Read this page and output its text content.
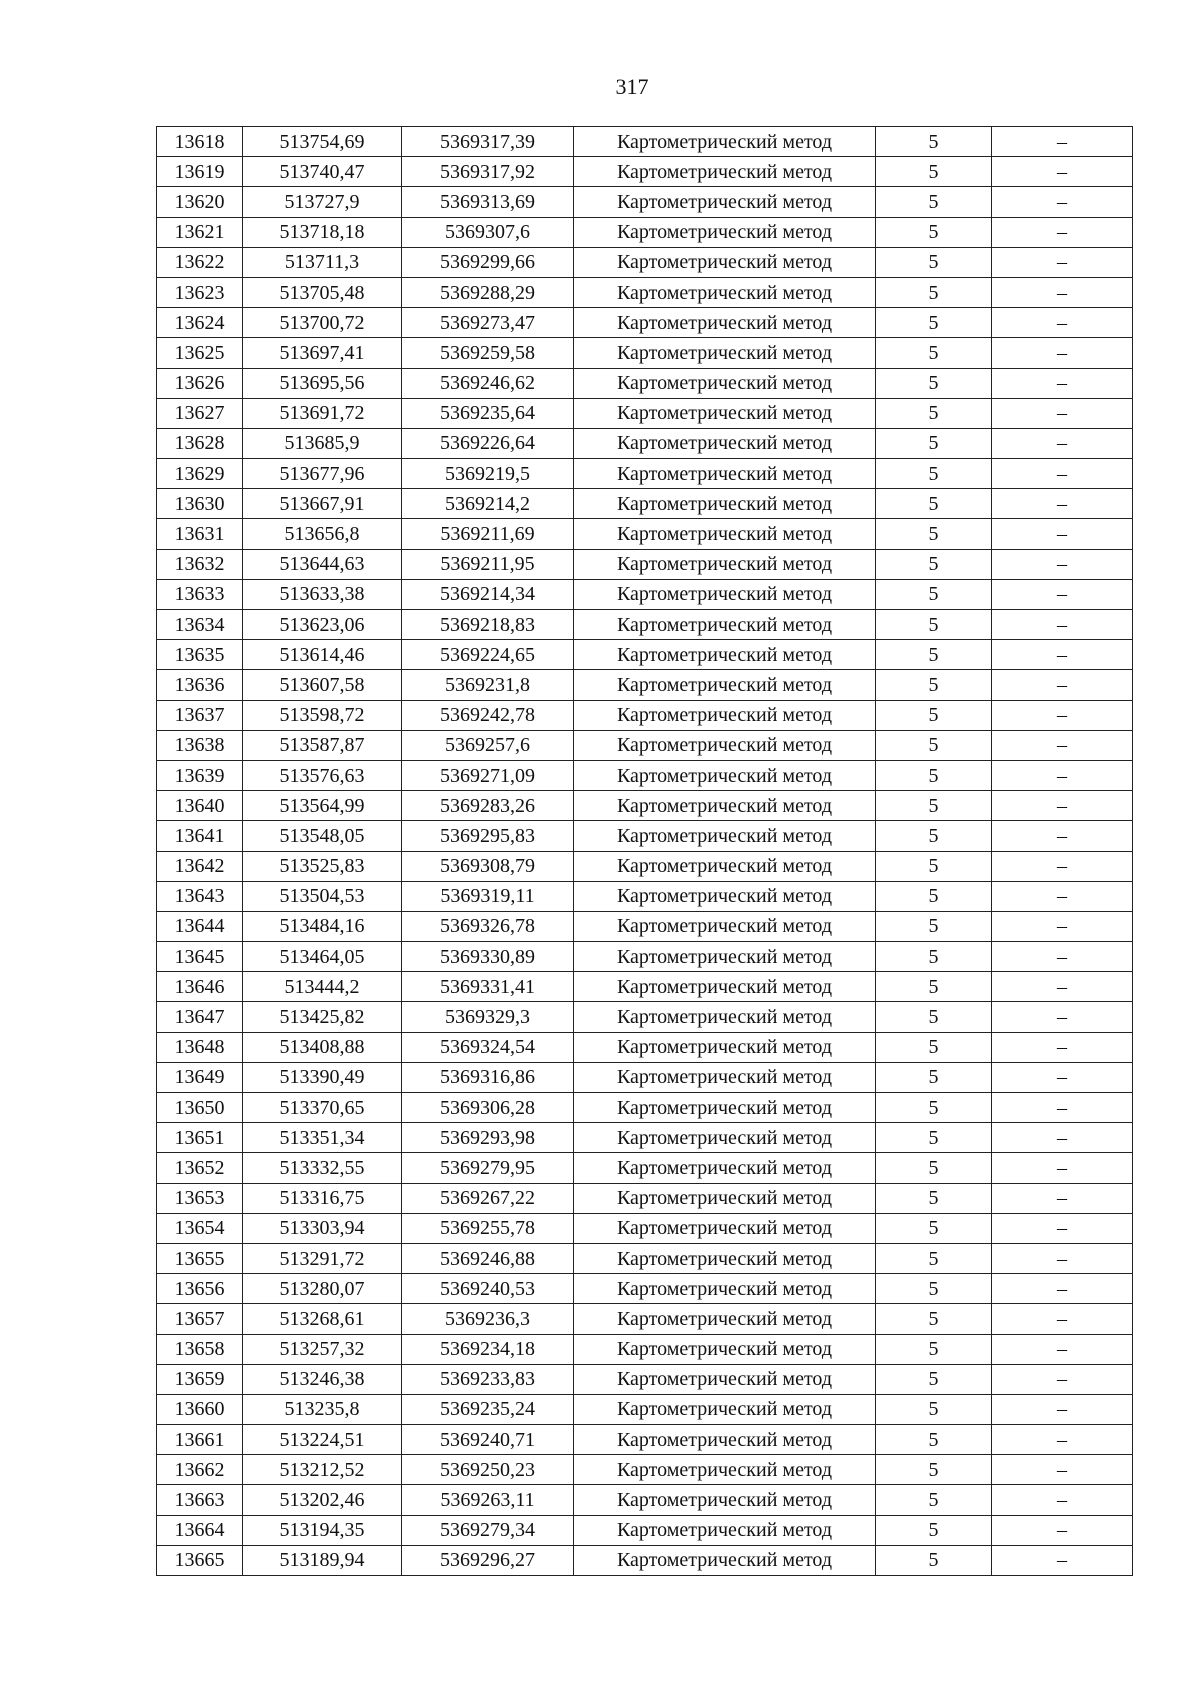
317
13618	513754,69	5369317,39	Картометрический метод	5	–
13619	513740,47	5369317,92	Картометрический метод	5	–
13620	513727,9	5369313,69	Картометрический метод	5	–
13621	513718,18	5369307,6	Картометрический метод	5	–
13622	513711,3	5369299,66	Картометрический метод	5	–
13623	513705,48	5369288,29	Картометрический метод	5	–
13624	513700,72	5369273,47	Картометрический метод	5	–
13625	513697,41	5369259,58	Картометрический метод	5	–
13626	513695,56	5369246,62	Картометрический метод	5	–
13627	513691,72	5369235,64	Картометрический метод	5	–
13628	513685,9	5369226,64	Картометрический метод	5	–
13629	513677,96	5369219,5	Картометрический метод	5	–
13630	513667,91	5369214,2	Картометрический метод	5	–
13631	513656,8	5369211,69	Картометрический метод	5	–
13632	513644,63	5369211,95	Картометрический метод	5	–
13633	513633,38	5369214,34	Картометрический метод	5	–
13634	513623,06	5369218,83	Картометрический метод	5	–
13635	513614,46	5369224,65	Картометрический метод	5	–
13636	513607,58	5369231,8	Картометрический метод	5	–
13637	513598,72	5369242,78	Картометрический метод	5	–
13638	513587,87	5369257,6	Картометрический метод	5	–
13639	513576,63	5369271,09	Картометрический метод	5	–
13640	513564,99	5369283,26	Картометрический метод	5	–
13641	513548,05	5369295,83	Картометрический метод	5	–
13642	513525,83	5369308,79	Картометрический метод	5	–
13643	513504,53	5369319,11	Картометрический метод	5	–
13644	513484,16	5369326,78	Картометрический метод	5	–
13645	513464,05	5369330,89	Картометрический метод	5	–
13646	513444,2	5369331,41	Картометрический метод	5	–
13647	513425,82	5369329,3	Картометрический метод	5	–
13648	513408,88	5369324,54	Картометрический метод	5	–
13649	513390,49	5369316,86	Картометрический метод	5	–
13650	513370,65	5369306,28	Картометрический метод	5	–
13651	513351,34	5369293,98	Картометрический метод	5	–
13652	513332,55	5369279,95	Картометрический метод	5	–
13653	513316,75	5369267,22	Картометрический метод	5	–
13654	513303,94	5369255,78	Картометрический метод	5	–
13655	513291,72	5369246,88	Картометрический метод	5	–
13656	513280,07	5369240,53	Картометрический метод	5	–
13657	513268,61	5369236,3	Картометрический метод	5	–
13658	513257,32	5369234,18	Картометрический метод	5	–
13659	513246,38	5369233,83	Картометрический метод	5	–
13660	513235,8	5369235,24	Картометрический метод	5	–
13661	513224,51	5369240,71	Картометрический метод	5	–
13662	513212,52	5369250,23	Картометрический метод	5	–
13663	513202,46	5369263,11	Картометрический метод	5	–
13664	513194,35	5369279,34	Картометрический метод	5	–
13665	513189,94	5369296,27	Картометрический метод	5	–
